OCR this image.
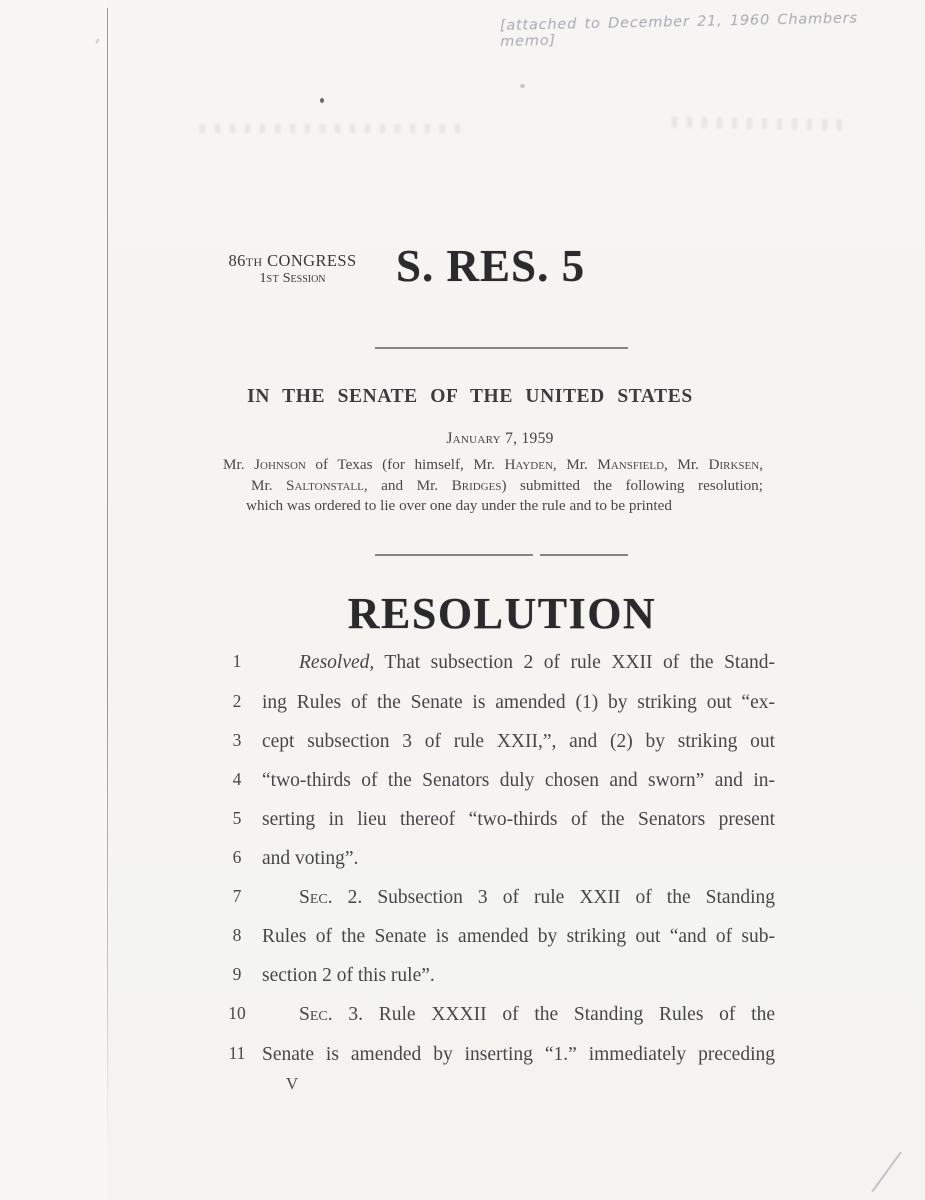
[attached to December 21, 1960 Chambers memo]
86TH CONGRESS
1ST Session	S. RES. 5
IN THE SENATE OF THE UNITED STATES
January 7, 1959
Mr. Johnson of Texas (for himself, Mr. Hayden, Mr. Mansfield, Mr. Dirksen,
Mr. Saltonstall, and Mr. Bridges) submitted the following resolution;
which was ordered to lie over one day under the rule and to be printed
RESOLUTION
1	Resolved, That subsection 2 of rule XXII of the Stand-
2	ing Rules of the Senate is amended (1) by striking out “ex-
3	cept subsection 3 of rule XXII,”, and (2) by striking out
4	“two-thirds of the Senators duly chosen and sworn” and in-
5	serting in lieu thereof “two-thirds of the Senators present
6	and voting”.
7	Sec. 2. Subsection 3 of rule XXII of the Standing
8	Rules of the Senate is amended by striking out “and of sub-
9	section 2 of this rule”.
10	Sec. 3. Rule XXXII of the Standing Rules of the
11 Senate is amended by inserting “1.” immediately preceding
V
